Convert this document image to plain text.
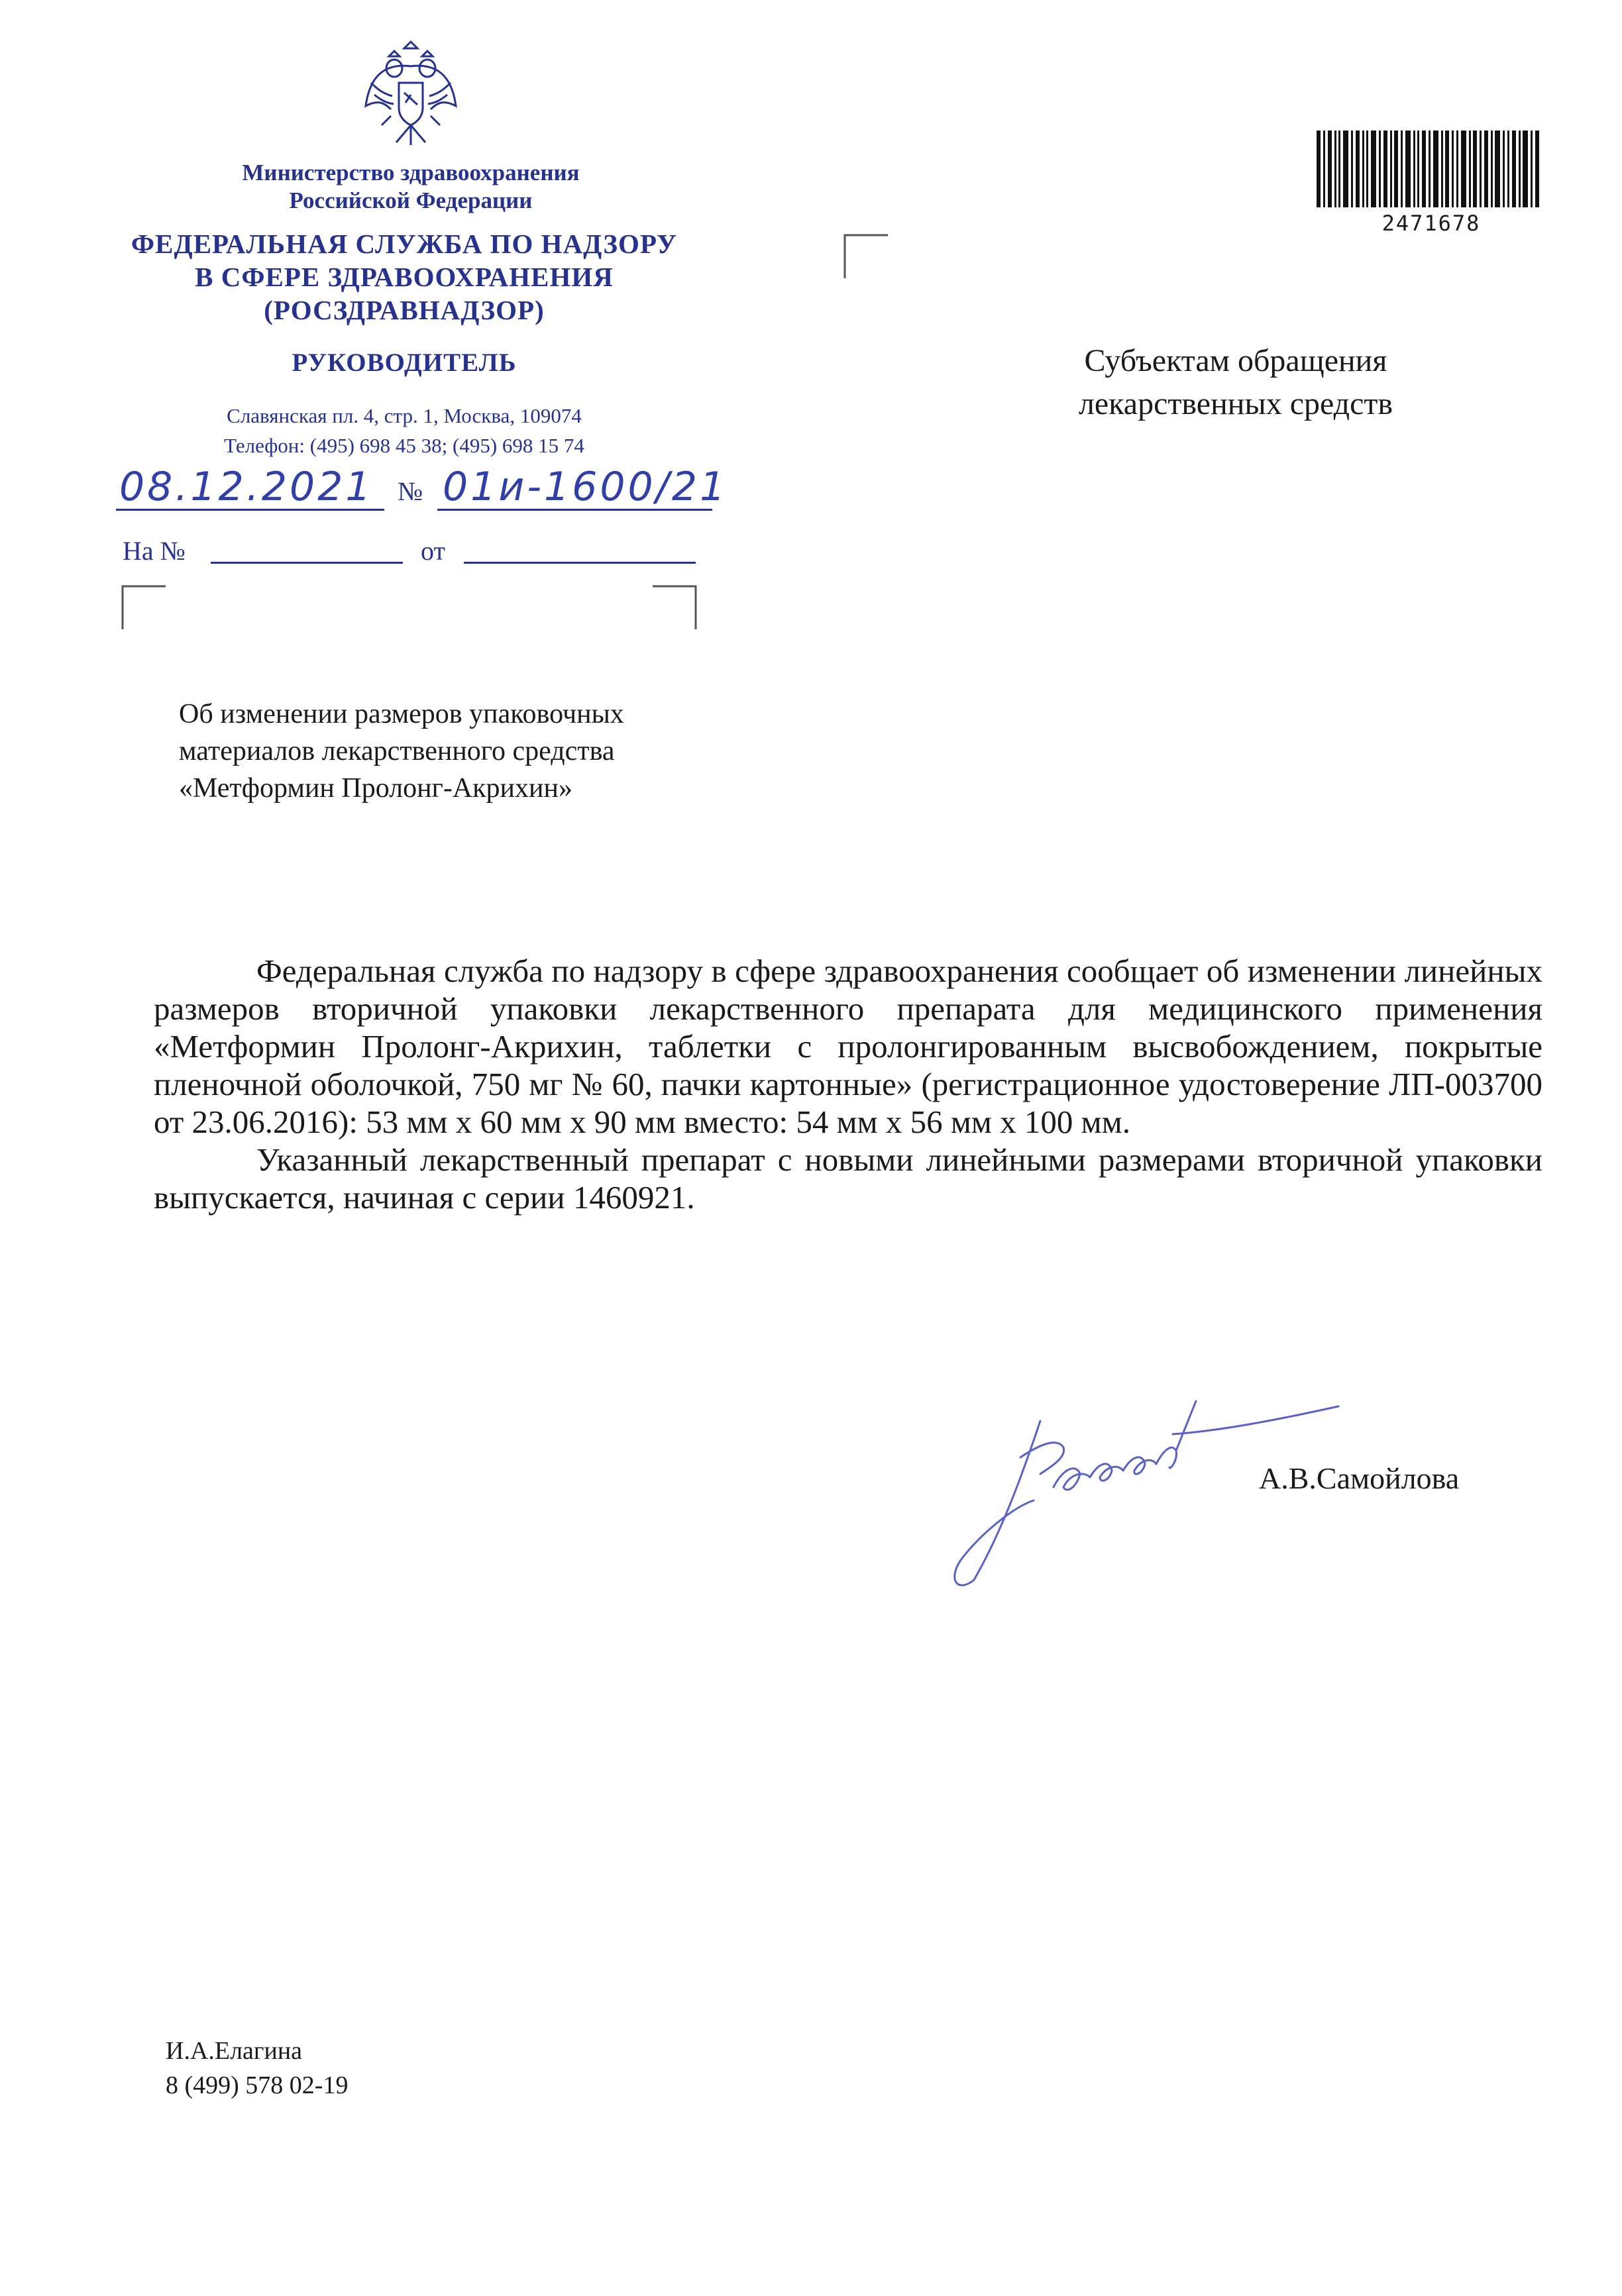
Министерство здравоохранения
Российской Федерации
ФЕДЕРАЛЬНАЯ СЛУЖБА ПО НАДЗОРУ
В СФЕРЕ ЗДРАВООХРАНЕНИЯ
(РОСЗДРАВНАДЗОР)
РУКОВОДИТЕЛЬ
Славянская пл. 4, стр. 1, Москва, 109074
Телефон: (495) 698 45 38; (495) 698 15 74
08.12.2021 № 01и-1600/21
На №	от
2471678
Субъектам обращения
лекарственных средств
Об изменении размеров упаковочных
материалов лекарственного средства
«Метформин Пролонг-Акрихин»

Федеральная служба по надзору в сфере здравоохранения сообщает об изменении линейных размеров вторичной упаковки лекарственного препарата для медицинского применения «Метформин Пролонг-Акрихин, таблетки с пролонгированным высвобождением, покрытые пленочной оболочкой, 750 мг № 60, пачки картонные» (регистрационное удостоверение ЛП-003700 от 23.06.2016): 53 мм х 60 мм х 90 мм вместо: 54 мм х 56 мм х 100 мм.

Указанный лекарственный препарат с новыми линейными размерами вторичной упаковки выпускается, начиная с серии 1460921.

А.В.Самойлова
И.А.Елагина
8 (499) 578 02-19
